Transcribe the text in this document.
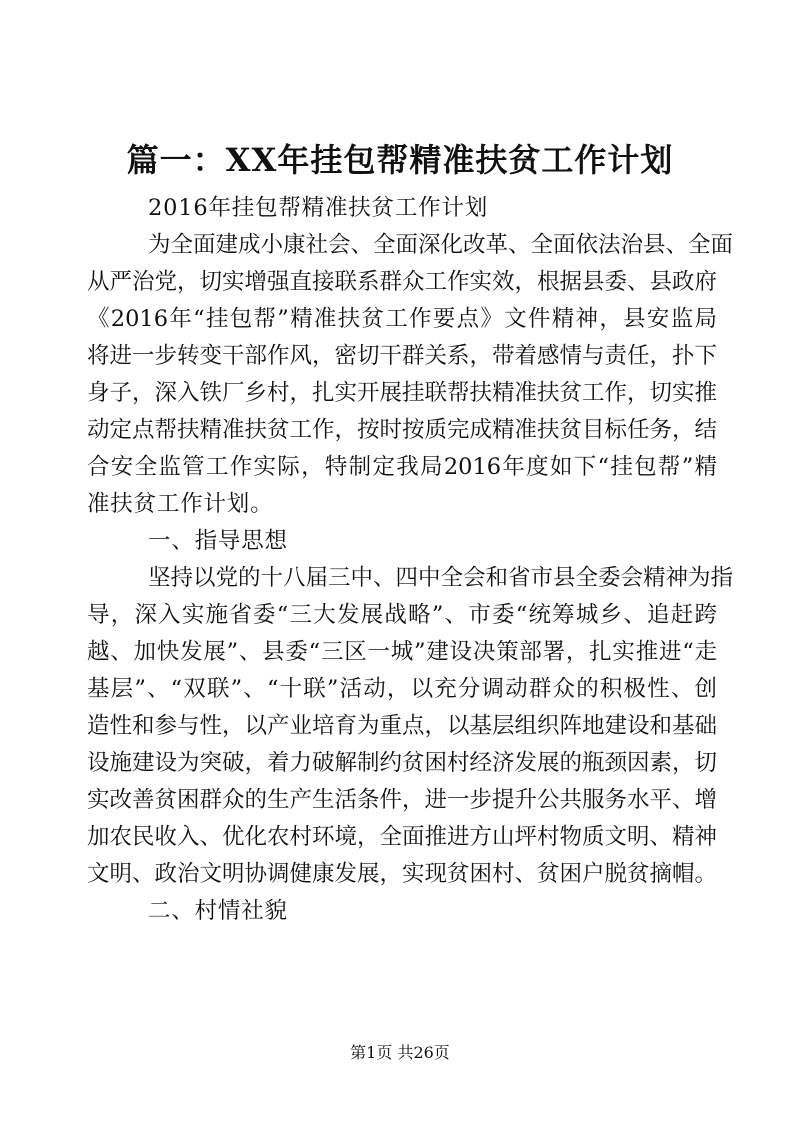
篇一：XX年挂包帮精准扶贫工作计划
2016年挂包帮精准扶贫工作计划
为全面建成小康社会、全面深化改革、全面依法治县、全面
从严治党，切实增强直接联系群众工作实效，根据县委、县政府
《2016年“挂包帮”精准扶贫工作要点》文件精神，县安监局
将进一步转变干部作风，密切干群关系，带着感情与责任，扑下
身子，深入铁厂乡村，扎实开展挂联帮扶精准扶贫工作，切实推
动定点帮扶精准扶贫工作，按时按质完成精准扶贫目标任务，结
合安全监管工作实际，特制定我局2016年度如下“挂包帮”精
准扶贫工作计划。
一、指导思想
坚持以党的十八届三中、四中全会和省市县全委会精神为指
导，深入实施省委“三大发展战略”、市委“统筹城乡、追赶跨
越、加快发展”、县委“三区一城”建设决策部署，扎实推进“走
基层”、“双联”、“十联”活动，以充分调动群众的积极性、创
造性和参与性，以产业培育为重点，以基层组织阵地建设和基础
设施建设为突破，着力破解制约贫困村经济发展的瓶颈因素，切
实改善贫困群众的生产生活条件，进一步提升公共服务水平、增
加农民收入、优化农村环境，全面推进方山坪村物质文明、精神
文明、政治文明协调健康发展，实现贫困村、贫困户脱贫摘帽。
二、村情社貌
第1页 共26页
